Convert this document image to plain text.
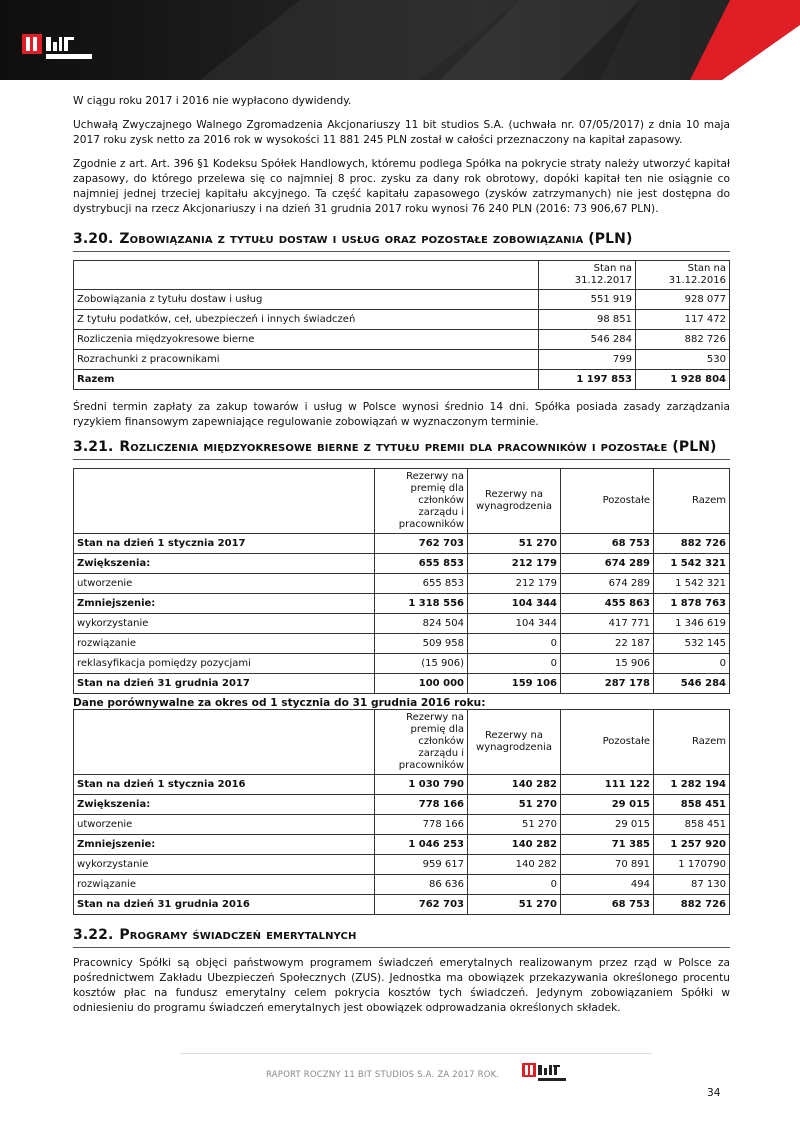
W ciągu roku 2017 i 2016 nie wypłacono dywidendy.

Uchwałą Zwyczajnego Walnego Zgromadzenia Akcjonariuszy 11 bit studios S.A. (uchwała nr. 07/05/2017) z dnia 10 maja 2017 roku zysk netto za 2016 rok w wysokości 11 881 245 PLN został w całości przeznaczony na kapitał zapasowy.

Zgodnie z art. Art. 396 §1 Kodeksu Spółek Handlowych, któremu podlega Spółka na pokrycie straty należy utworzyć kapitał zapasowy, do którego przelewa się co najmniej 8 proc. zysku za dany rok obrotowy, dopóki kapitał ten nie osiągnie co najmniej jednej trzeciej kapitału akcyjnego. Ta część kapitału zapasowego (zysków zatrzymanych) nie jest dostępna do dystrybucji na rzecz Akcjonariuszy i na dzień 31 grudnia 2017 roku wynosi 76 240 PLN (2016: 73 906,67 PLN).

3.20. Zobowiązania z tytułu dostaw i usług oraz pozostałe zobowiązania (PLN)
	Stan na 31.12.2017	Stan na 31.12.2016
Zobowiązania z tytułu dostaw i usług	551 919	928 077
Z tytułu podatków, ceł, ubezpieczeń i innych świadczeń	98 851	117 472
Rozliczenia międzyokresowe bierne	546 284	882 726
Rozrachunki z pracownikami	799	530
Razem	1 197 853	1 928 804

Średni termin zapłaty za zakup towarów i usług w Polsce wynosi średnio 14 dni. Spółka posiada zasady zarządzania ryzykiem finansowym zapewniające regulowanie zobowiązań w wyznaczonym terminie.

3.21. Rozliczenia międzyokresowe bierne z tytułu premii dla pracowników i pozostałe (PLN)
	Rezerwy na premię dla członków zarządu i pracowników	Rezerwy na wynagrodzenia	Pozostałe	Razem
Stan na dzień 1 stycznia 2017	762 703	51 270	68 753	882 726
Zwiększenia:	655 853	212 179	674 289	1 542 321
utworzenie	655 853	212 179	674 289	1 542 321
Zmniejszenie:	1 318 556	104 344	455 863	1 878 763
wykorzystanie	824 504	104 344	417 771	1 346 619
rozwiązanie	509 958	0	22 187	532 145
reklasyfikacja pomiędzy pozycjami	(15 906)	0	15 906	0
Stan na dzień 31 grudnia 2017	100 000	159 106	287 178	546 284
Dane porównywalne za okres od 1 stycznia do 31 grudnia 2016 roku:
	Rezerwy na premię dla członków zarządu i pracowników	Rezerwy na wynagrodzenia	Pozostałe	Razem
Stan na dzień 1 stycznia 2016	1 030 790	140 282	111 122	1 282 194
Zwiększenia:	778 166	51 270	29 015	858 451
utworzenie	778 166	51 270	29 015	858 451
Zmniejszenie:	1 046 253	140 282	71 385	1 257 920
wykorzystanie	959 617	140 282	70 891	1 170790
rozwiązanie	86 636	0	494	87 130
Stan na dzień 31 grudnia 2016	762 703	51 270	68 753	882 726
3.22. Programy świadczeń emerytalnych

Pracownicy Spółki są objęci państwowym programem świadczeń emerytalnych realizowanym przez rząd w Polsce za pośrednictwem Zakładu Ubezpieczeń Społecznych (ZUS). Jednostka ma obowiązek przekazywania określonego procentu kosztów płac na fundusz emerytalny celem pokrycia kosztów tych świadczeń. Jedynym zobowiązaniem Spółki w odniesieniu do programu świadczeń emerytalnych jest obowiązek odprowadzania określonych składek.

RAPORT ROCZNY 11 BIT STUDIOS S.A. ZA 2017 ROK.
34
